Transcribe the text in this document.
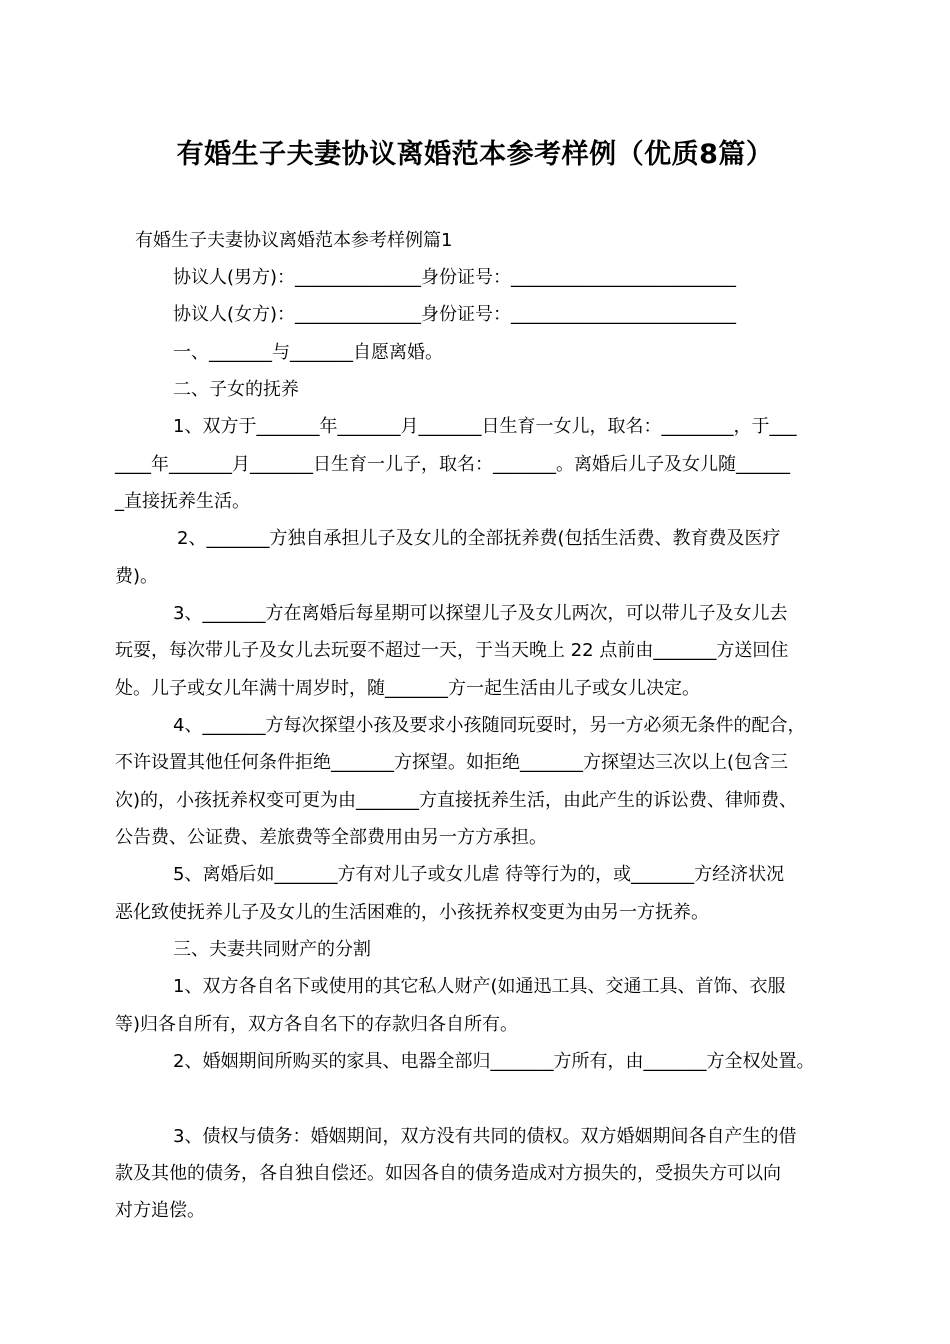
有婚生子夫妻协议离婚范本参考样例（优质8篇）
有婚生子夫妻协议离婚范本参考样例篇1
协议人(男方)：______________身份证号：_________________________
协议人(女方)：______________身份证号：_________________________
一、_______与_______自愿离婚。
二、子女的抚养
1、双方于_______年_______月_______日生育一女儿，取名：________，于___
____年_______月_______日生育一儿子，取名：_______。离婚后儿子及女儿随______
_直接抚养生活。
2、_______方独自承担儿子及女儿的全部抚养费(包括生活费、教育费及医疗
费)。
3、_______方在离婚后每星期可以探望儿子及女儿两次，可以带儿子及女儿去
玩耍，每次带儿子及女儿去玩耍不超过一天，于当天晚上 22 点前由_______方送回住
处。儿子或女儿年满十周岁时，随_______方一起生活由儿子或女儿决定。
4、_______方每次探望小孩及要求小孩随同玩耍时，另一方必须无条件的配合，
不许设置其他任何条件拒绝_______方探望。如拒绝_______方探望达三次以上(包含三
次)的，小孩抚养权变可更为由_______方直接抚养生活，由此产生的诉讼费、律师费、
公告费、公证费、差旅费等全部费用由另一方方承担。
5、离婚后如_______方有对儿子或女儿虐 待等行为的，或_______方经济状况
恶化致使抚养儿子及女儿的生活困难的，小孩抚养权变更为由另一方抚养。
三、夫妻共同财产的分割
1、双方各自名下或使用的其它私人财产(如通迅工具、交通工具、首饰、衣服
等)归各自所有，双方各自名下的存款归各自所有。
2、婚姻期间所购买的家具、电器全部归_______方所有，由_______方全权处置。
3、债权与债务：婚姻期间，双方没有共同的债权。双方婚姻期间各自产生的借
款及其他的债务，各自独自偿还。如因各自的债务造成对方损失的，受损失方可以向
对方追偿。
